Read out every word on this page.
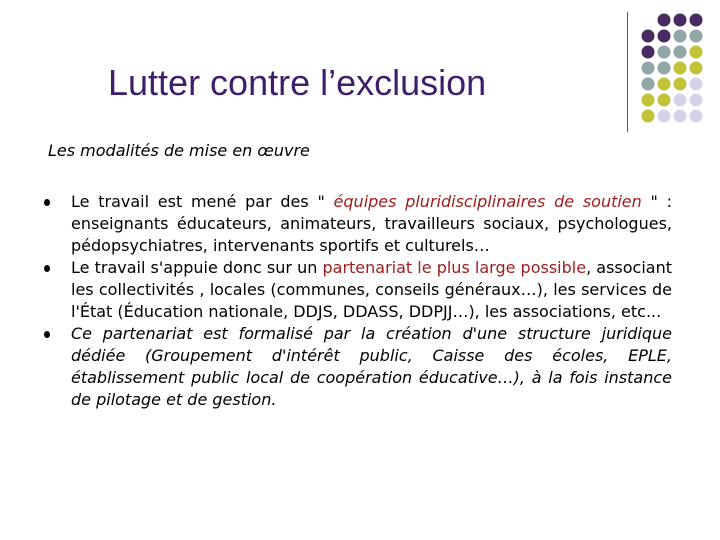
Lutter contre l’exclusion
Les modalités de mise en œuvre
Le travail est mené par des " équipes pluridisciplinaires de soutien " : enseignants éducateurs, animateurs, travailleurs sociaux, psychologues, pédopsychiatres, intervenants sportifs et culturels…
Le travail s'appuie donc sur un partenariat le plus large possible, associant les collectivités , locales (communes, conseils généraux…), les services de l'État (Éducation nationale, DDJS, DDASS, DDPJJ…), les associations, etc...
Ce partenariat est formalisé par la création d'une structure juridique dédiée (Groupement d'intérêt public, Caisse des écoles, EPLE, établissement public local de coopération éducative…), à la fois instance de pilotage et de gestion.
